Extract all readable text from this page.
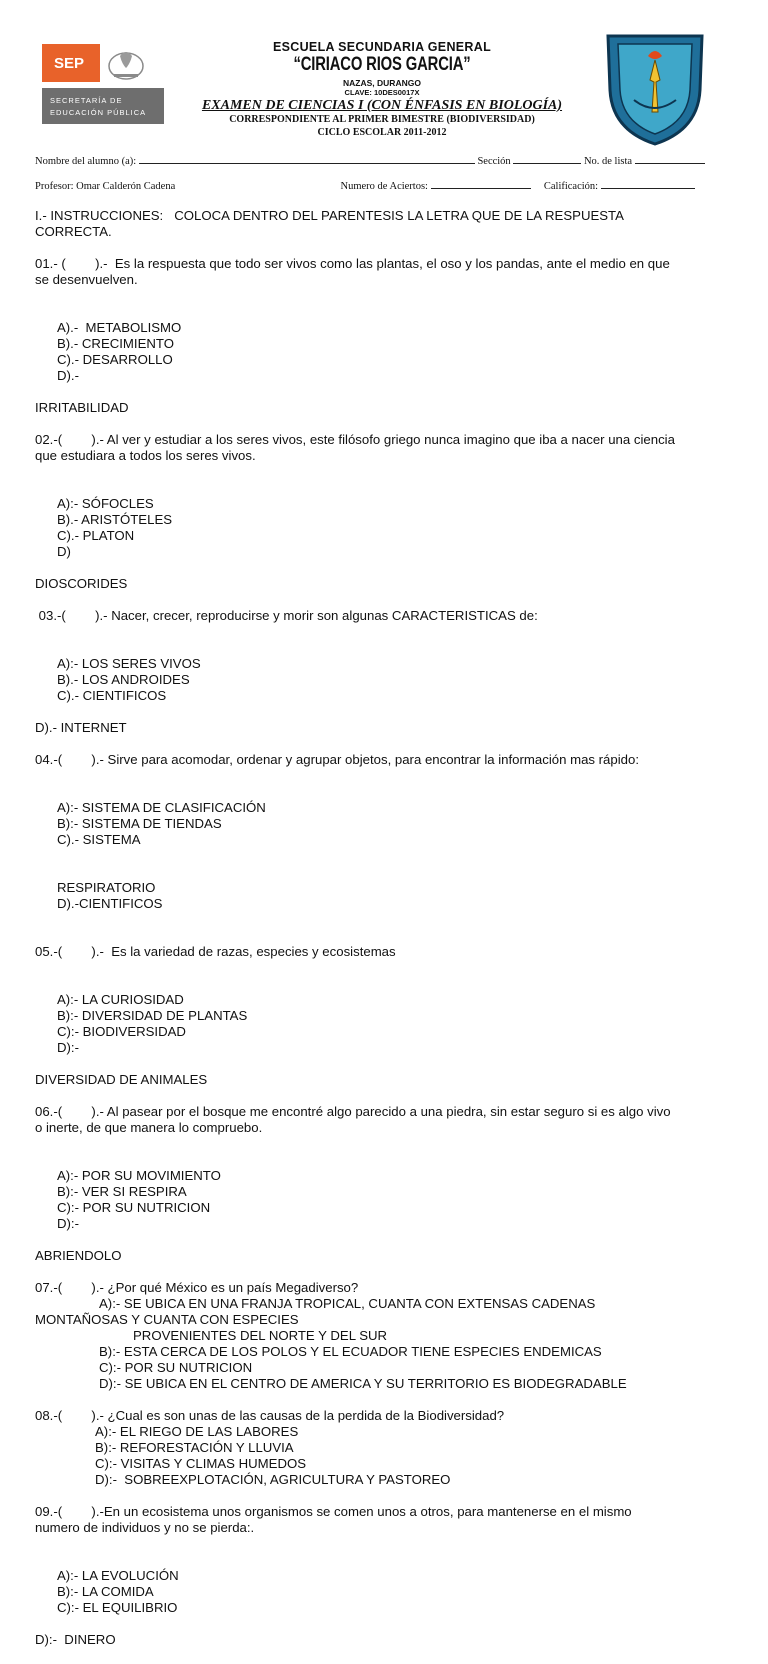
SEP
SECRETARÍA DE
EDUCACIÓN PÚBLICA
ESCUELA SECUNDARIA GENERAL
“CIRIACO RIOS GARCIA”
NAZAS, DURANGO
CLAVE: 10DES0017X
EXAMEN DE CIENCIAS I (CON ÉNFASIS EN BIOLOGÍA)
CORRESPONDIENTE AL PRIMER BIMESTRE (BIODIVERSIDAD)
CICLO ESCOLAR 2011-2012
Nombre del alumno (a):	Sección	No. de lista
Profesor: Omar Calderón Cadena	Numero de Aciertos:	Calificación:
I.- INSTRUCCIONES:   COLOCA DENTRO DEL PARENTESIS LA LETRA QUE DE LA RESPUESTA
CORRECTA.
01.- (        ).-  Es la respuesta que todo ser vivos como las plantas, el oso y los pandas, ante el medio en que
se desenvuelven.

A).-  METABOLISMO
B).- CRECIMIENTO
C).- DESARROLLO
D).-

IRRITABILIDAD
02.-(        ).- Al ver y estudiar a los seres vivos, este filósofo griego nunca imagino que iba a nacer una ciencia
que estudiara a todos los seres vivos.

A):- SÓFOCLES
B).- ARISTÓTELES
C).- PLATON
D)

DIOSCORIDES
03.-(        ).- Nacer, crecer, reproducirse y morir son algunas CARACTERISTICAS de:

A):- LOS SERES VIVOS
B).- LOS ANDROIDES
C).- CIENTIFICOS

D).- INTERNET
04.-(        ).- Sirve para acomodar, ordenar y agrupar objetos, para encontrar la información mas rápido:

A):- SISTEMA DE CLASIFICACIÓN
B):- SISTEMA DE TIENDAS
C).- SISTEMA

RESPIRATORIO
D).-CIENTIFICOS

05.-(        ).-  Es la variedad de razas, especies y ecosistemas

A):- LA CURIOSIDAD
B):- DIVERSIDAD DE PLANTAS
C):- BIODIVERSIDAD
D):-

DIVERSIDAD DE ANIMALES
06.-(        ).- Al pasear por el bosque me encontré algo parecido a una piedra, sin estar seguro si es algo vivo
o inerte, de que manera lo compruebo.

A):- POR SU MOVIMIENTO
B):- VER SI RESPIRA
C):- POR SU NUTRICION
D):-

ABRIENDOLO
07.-(        ).- ¿Por qué México es un país Megadiverso?
A):- SE UBICA EN UNA FRANJA TROPICAL, CUANTA CON EXTENSAS CADENAS
MONTAÑOSAS Y CUANTA CON ESPECIES
PROVENIENTES DEL NORTE Y DEL SUR
B):- ESTA CERCA DE LOS POLOS Y EL ECUADOR TIENE ESPECIES ENDEMICAS
C):- POR SU NUTRICION
D):- SE UBICA EN EL CENTRO DE AMERICA Y SU TERRITORIO ES BIODEGRADABLE
08.-(        ).- ¿Cual es son unas de las causas de la perdida de la Biodiversidad?
A):- EL RIEGO DE LAS LABORES
B):- REFORESTACIÓN Y LLUVIA
C):- VISITAS Y CLIMAS HUMEDOS
D):-  SOBREEXPLOTACIÓN, AGRICULTURA Y PASTOREO
09.-(        ).-En un ecosistema unos organismos se comen unos a otros, para mantenerse en el mismo
numero de individuos y no se pierda:.

A):- LA EVOLUCIÓN
B):- LA COMIDA
C):- EL EQUILIBRIO

D):-  DINERO
